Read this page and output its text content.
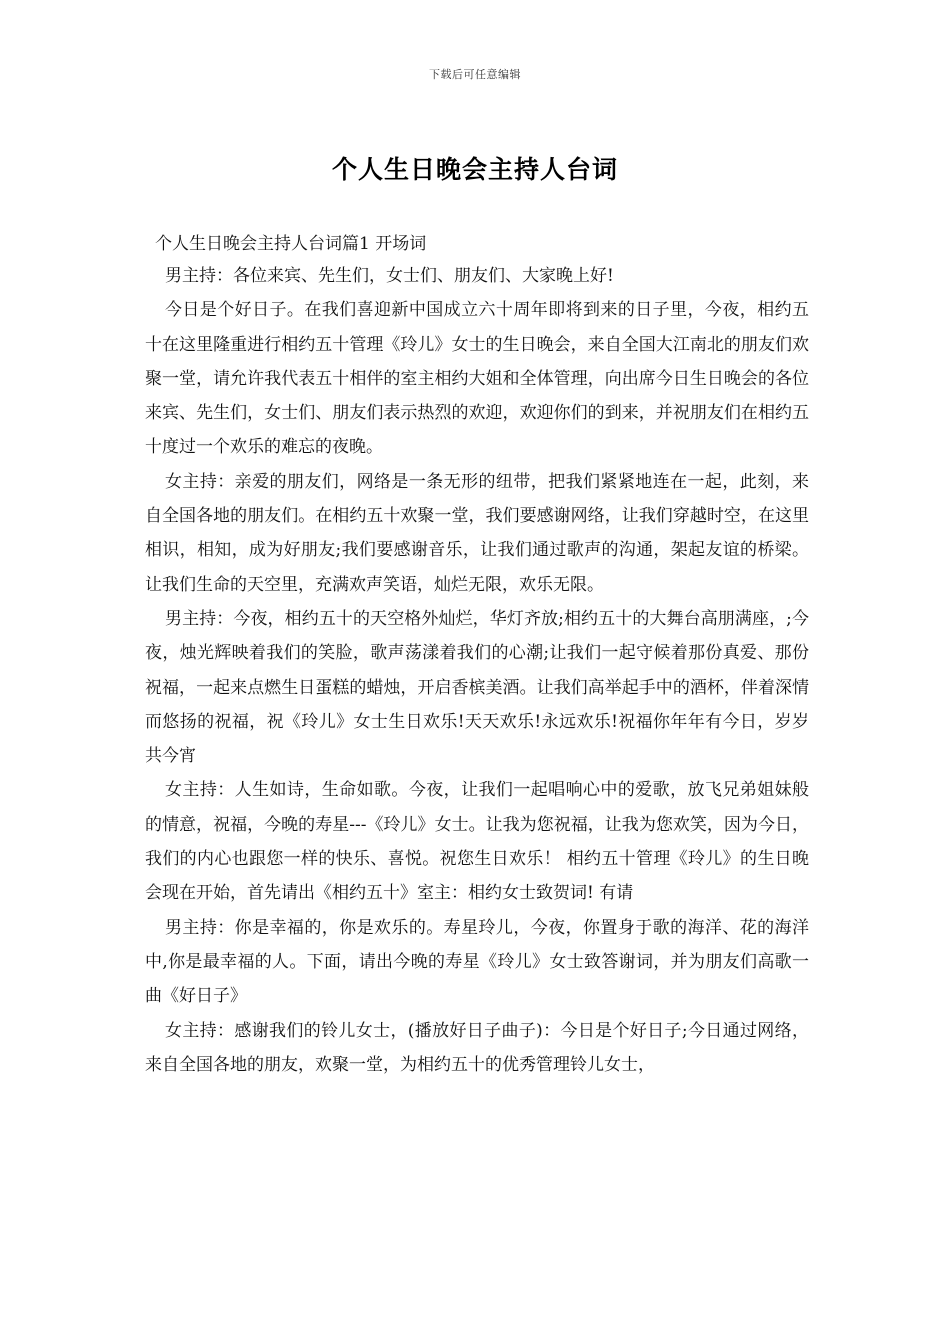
下载后可任意编辑
个人生日晚会主持人台词

个人生日晚会主持人台词篇1 开场词

男主持：各位来宾、先生们，女士们、朋友们、大家晚上好!

今日是个好日子。在我们喜迎新中国成立六十周年即将到来的日子里，今夜，相约五十在这里隆重进行相约五十管理《玲儿》女士的生日晚会，来自全国大江南北的朋友们欢聚一堂，请允许我代表五十相伴的室主相约大姐和全体管理，向出席今日生日晚会的各位来宾、先生们，女士们、朋友们表示热烈的欢迎，欢迎你们的到来，并祝朋友们在相约五十度过一个欢乐的难忘的夜晚。

女主持：亲爱的朋友们，网络是一条无形的纽带，把我们紧紧地连在一起，此刻，来自全国各地的朋友们。在相约五十欢聚一堂，我们要感谢网络，让我们穿越时空，在这里相识，相知，成为好朋友;我们要感谢音乐，让我们通过歌声的沟通，架起友谊的桥梁。让我们生命的天空里，充满欢声笑语，灿烂无限，欢乐无限。

男主持：今夜，相约五十的天空格外灿烂，华灯齐放;相约五十的大舞台高朋满座，;今夜，烛光辉映着我们的笑脸，歌声荡漾着我们的心潮;让我们一起守候着那份真爱、那份祝福，一起来点燃生日蛋糕的蜡烛，开启香槟美酒。让我们高举起手中的酒杯，伴着深情而悠扬的祝福，祝《玲儿》女士生日欢乐!天天欢乐!永远欢乐!祝福你年年有今日，岁岁共今宵

女主持：人生如诗，生命如歌。今夜，让我们一起唱响心中的爱歌，放飞兄弟姐妹般的情意，祝福，今晚的寿星---《玲儿》女士。让我为您祝福，让我为您欢笑，因为今日，我们的内心也跟您一样的快乐、喜悦。祝您生日欢乐！ 相约五十管理《玲儿》的生日晚会现在开始，首先请出《相约五十》室主：相约女士致贺词! 有请

男主持：你是幸福的，你是欢乐的。寿星玲儿，今夜，你置身于歌的海洋、花的海洋中,你是最幸福的人。下面，请出今晚的寿星《玲儿》女士致答谢词，并为朋友们高歌一曲《好日子》

女主持：感谢我们的铃儿女士，(播放好日子曲子)：今日是个好日子;今日通过网络，来自全国各地的朋友，欢聚一堂，为相约五十的优秀管理铃儿女士，
